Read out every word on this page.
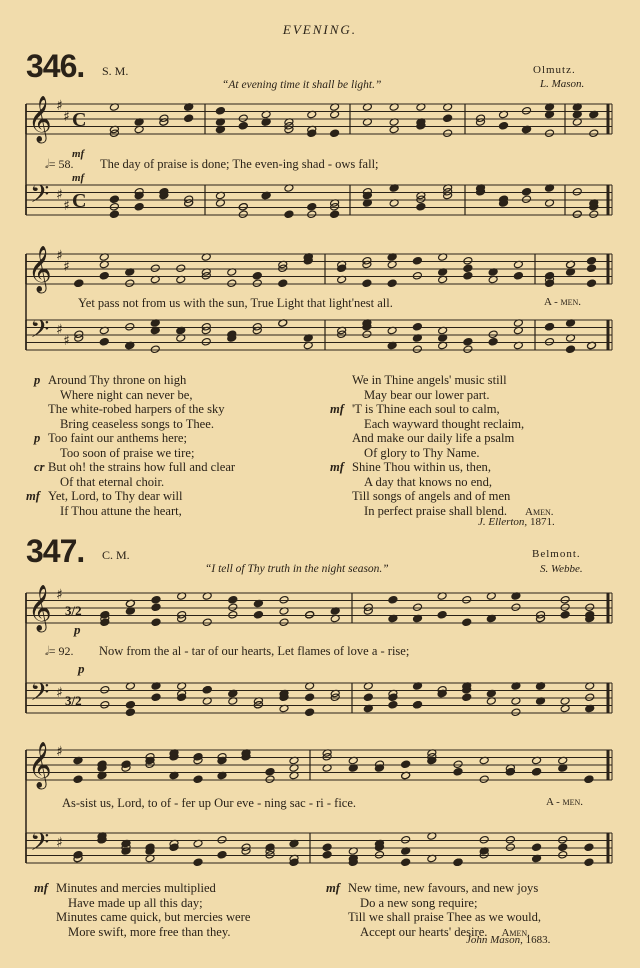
EVENING.
346. S. M.	Olmutz.
L. Mason.
“At evening time it shall be light.”
𝄞
𝄢
♯
♯
♯
♯
C
C
𝄞
𝄢
♯
♯
♯
♯
𝄞
𝄢
♯
♯
3/2
3/2
𝄞
𝄢
♯
♯
mf
𝅗𝅥= 58. The day of praise is done; The even-ing shad - ows fall;
mf
Yet pass not from us with the sun, True Light that light'nest all.	A - men.
p Around Thy throne on high
Where night can never be,
The white-robed harpers of the sky
Bring ceaseless songs to Thee.
p Too faint our anthems here;
Too soon of praise we tire;
cr But oh! the strains how full and clear
Of that eternal choir.
mf Yet, Lord, to Thy dear will
If Thou attune the heart,
We in Thine angels' music still
May bear our lower part.
mf 'T is Thine each soul to calm,
Each wayward thought reclaim,
And make our daily life a psalm
Of glory to Thy Name.
mf Shine Thou within us, then,
A day that knows no end,
Till songs of angels and of men
In perfect praise shall blend. Amen.
J. Ellerton, 1871.
347. C. M.	Belmont.
S. Webbe.
“I tell of Thy truth in the night season.”
p
𝅗𝅥= 92. Now from the al - tar of our hearts, Let flames of love a - rise;
p
As-sist us, Lord, to of - fer up Our eve - ning sac - ri - fice.	A - men.
mf Minutes and mercies multiplied
Have made up all this day;
Minutes came quick, but mercies were
More swift, more free than they.
mf New time, new favours, and new joys
Do a new song require;
Till we shall praise Thee as we would,
Accept our hearts' desire. Amen.
John Mason, 1683.
